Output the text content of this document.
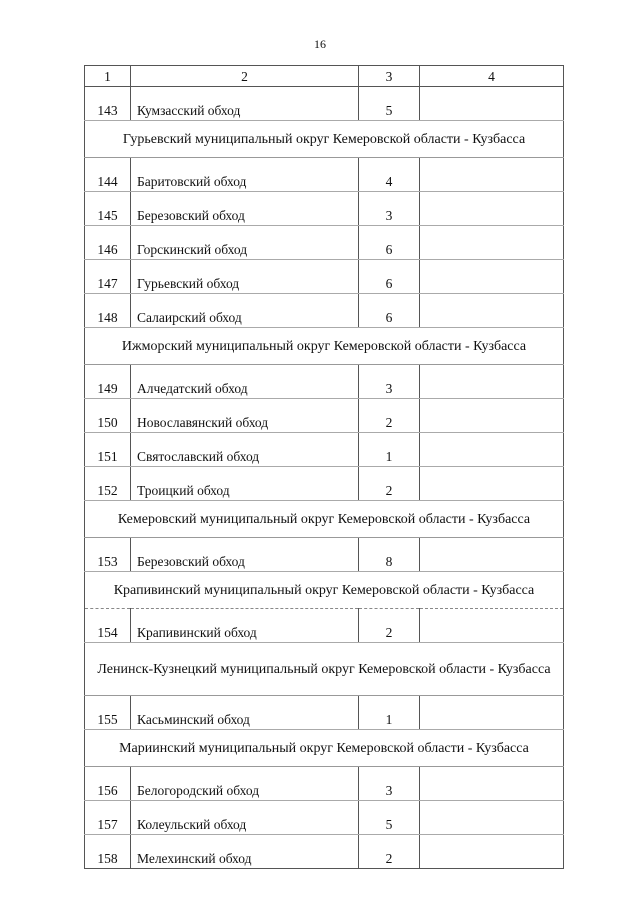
16
1	2	3	4
143	Кумзасский обход	5	
Гурьевский муниципальный округ Кемеровской области - Кузбасса			
144	Баритовский обход	4	
145	Березовский обход	3	
146	Горскинский обход	6	
147	Гурьевский обход	6	
148	Салаирский обход	6	
Ижморский муниципальный округ Кемеровской области - Кузбасса			
149	Алчедатский обход	3	
150	Новославянский обход	2	
151	Святославский обход	1	
152	Троицкий обход	2	
Кемеровский муниципальный округ Кемеровской области - Кузбасса			
153	Березовский обход	8	
Крапивинский муниципальный округ Кемеровской области - Кузбасса			
154	Крапивинский обход	2	
Ленинск-Кузнецкий муниципальный округ Кемеровской области - Кузбасса			
155	Касьминский обход	1	
Мариинский муниципальный округ Кемеровской области - Кузбасса			
156	Белогородский обход	3	
157	Колеульский обход	5	
158	Мелехинский обход	2	
